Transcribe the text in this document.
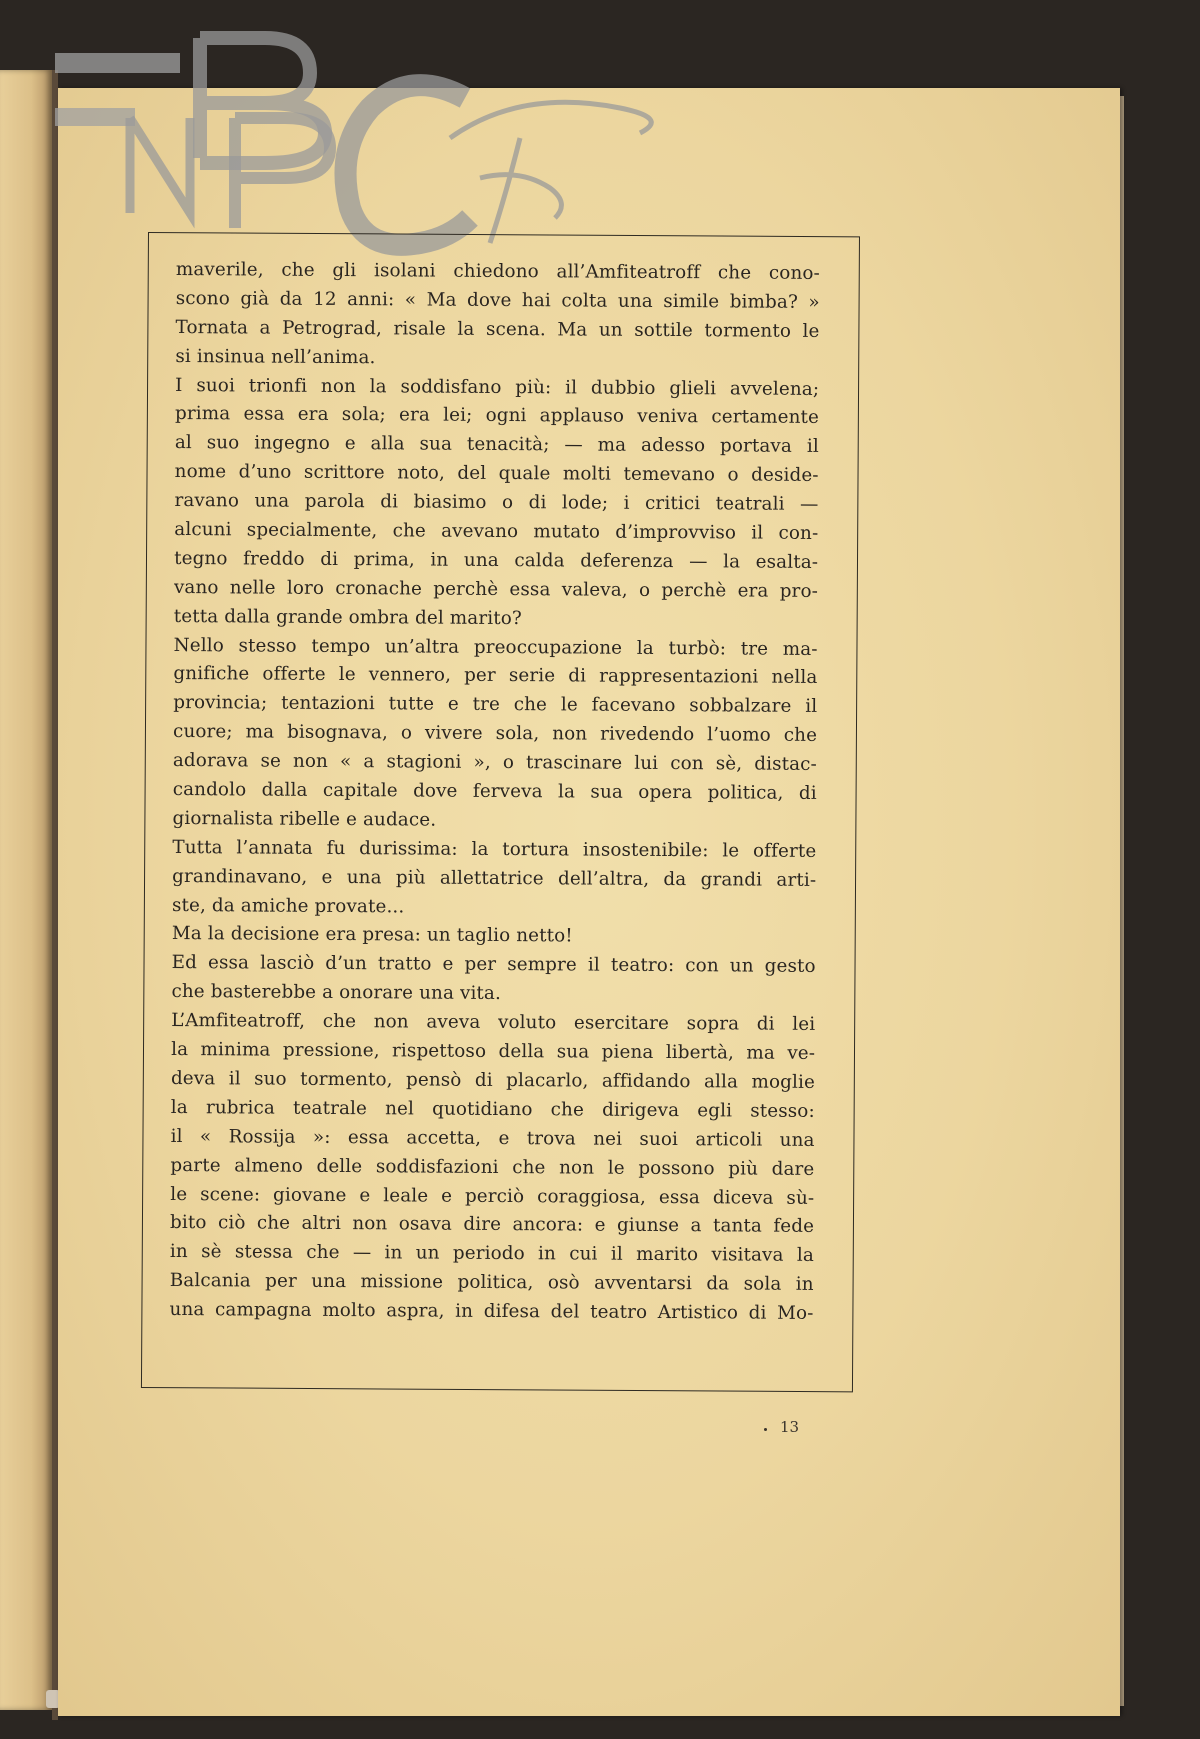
maverile, che gli isolani chiedono all’Amfiteatroff che cono-
scono già da 12 anni: « Ma dove hai colta una simile bimba? »
Tornata a Petrograd, risale la scena. Ma un sottile tormento le
si insinua nell’anima.
I suoi trionfi non la soddisfano più: il dubbio glieli avvelena;
prima essa era sola; era lei; ogni applauso veniva certamente
al suo ingegno e alla sua tenacità; — ma adesso portava il
nome d’uno scrittore noto, del quale molti temevano o deside-
ravano una parola di biasimo o di lode; i critici teatrali —
alcuni specialmente, che avevano mutato d’improvviso il con-
tegno freddo di prima, in una calda deferenza — la esalta-
vano nelle loro cronache perchè essa valeva, o perchè era pro-
tetta dalla grande ombra del marito?
Nello stesso tempo un’altra preoccupazione la turbò: tre ma-
gnifiche offerte le vennero, per serie di rappresentazioni nella
provincia; tentazioni tutte e tre che le facevano sobbalzare il
cuore; ma bisognava, o vivere sola, non rivedendo l’uomo che
adorava se non « a stagioni », o trascinare lui con sè, distac-
candolo dalla capitale dove ferveva la sua opera politica, di
giornalista ribelle e audace.
Tutta l’annata fu durissima: la tortura insostenibile: le offerte
grandinavano, e una più allettatrice dell’altra, da grandi arti-
ste, da amiche provate...
Ma la decisione era presa: un taglio netto!
Ed essa lasciò d’un tratto e per sempre il teatro: con un gesto
che basterebbe a onorare una vita.
L’Amfiteatroff, che non aveva voluto esercitare sopra di lei
la minima pressione, rispettoso della sua piena libertà, ma ve-
deva il suo tormento, pensò di placarlo, affidando alla moglie
la rubrica teatrale nel quotidiano che dirigeva egli stesso:
il « Rossija »: essa accetta, e trova nei suoi articoli una
parte almeno delle soddisfazioni che non le possono più dare
le scene: giovane e leale e perciò coraggiosa, essa diceva sù-
bito ciò che altri non osava dire ancora: e giunse a tanta fede
in sè stessa che — in un periodo in cui il marito visitava la
Balcania per una missione politica, osò avventarsi da sola in
una campagna molto aspra, in difesa del teatro Artistico di Mo-
13
